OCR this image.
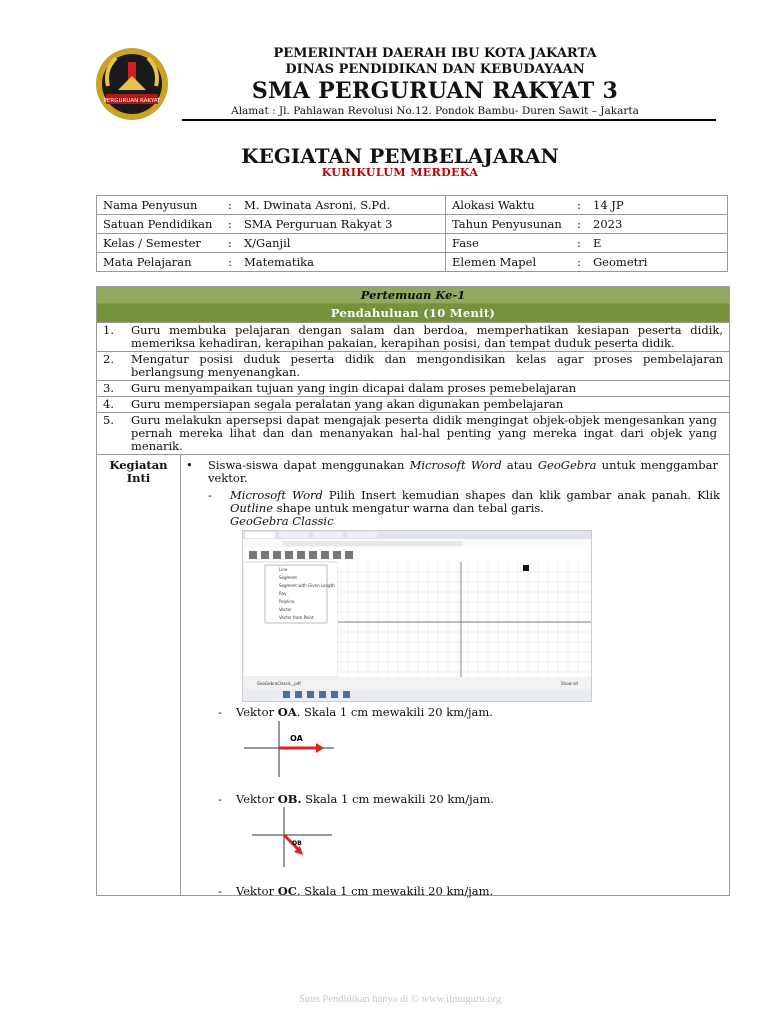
PERGURUAN RAKYAT
PEMERINTAH DAERAH IBU KOTA JAKARTA
DINAS PENDIDIKAN DAN KEBUDAYAAN
SMA PERGURUAN RAKYAT 3
Alamat : Jl. Pahlawan Revolusi No.12. Pondok Bambu- Duren Sawit – Jakarta
KEGIATAN PEMBELAJARAN
KURIKULUM MERDEKA
Nama Penyusun : M. Dwinata Asroni, S.Pd.	Alokasi Waktu : 14 JP
Satuan Pendidikan : SMA Perguruan Rakyat 3	Tahun Penyusunan : 2023
Kelas / Semester : X/Ganjil	Fase : E
Mata Pelajaran : Matematika	Elemen Mapel : Geometri
Pertemuan Ke-1
Pendahuluan (10 Menit)
1. Guru membuka pelajaran dengan salam dan berdoa, memperhatikan kesiapan peserta didik, memeriksa kehadiran, kerapihan pakaian, kerapihan posisi, dan tempat duduk peserta didik.
2. Mengatur posisi duduk peserta didik dan mengondisikan kelas agar proses pembelajaran berlangsung menyenangkan.
3. Guru menyampaikan tujuan yang ingin dicapai dalam proses pemebelajaran
4. Guru mempersiapan segala peralatan yang akan digunakan pembelajaran
5. Guru melakukn apersepsi dapat mengajak peserta didik mengingat objek-objek mengesankan yang pernah mereka lihat dan dan menanyakan hal-hal penting yang mereka ingat dari objek yang menarik.
Kegiatan
Inti
• Siswa-siswa dapat menggunakan Microsoft Word atau GeoGebra untuk menggambar vektor.
- Microsoft Word Pilih Insert kemudian shapes dan klik gambar anak panah. Klik Outline shape untuk mengatur warna dan tebal garis.
GeoGebra Classic
Line
Segment
Segment with Given Length
Ray
Polyline
Vector
Vector from Point
GeoGebraClassic_.pdf	Show all
- Vektor OA. Skala 1 cm mewakili 20 km/jam.
OA
- Vektor OB. Skala 1 cm mewakili 20 km/jam.
OB
- Vektor OC. Skala 1 cm mewakili 20 km/jam.
Situs Pendidikan hanya di © www.ilmuguru.org
